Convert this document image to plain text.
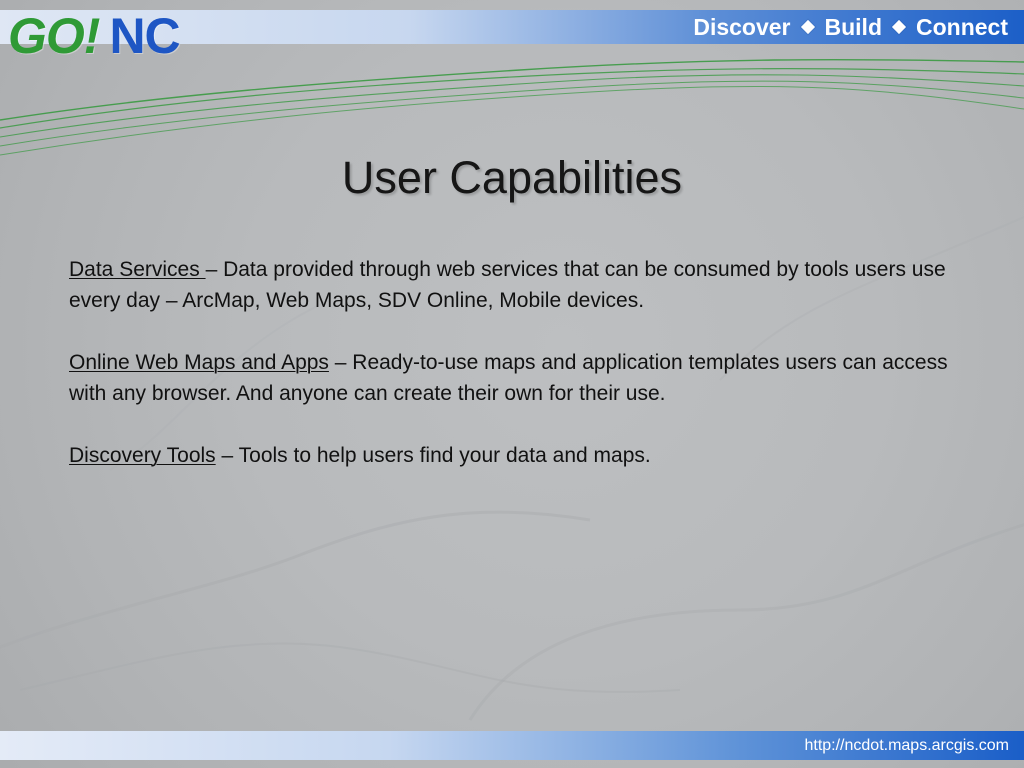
GO! NC	Discover Build Connect
User Capabilities

Data Services – Data provided through web services that can be consumed by tools users use every day – ArcMap, Web Maps, SDV Online, Mobile devices.

Online Web Maps and Apps – Ready-to-use maps and application templates users can access with any browser. And anyone can create their own for their use.

Discovery Tools – Tools to help users find your data and maps.

http://ncdot.maps.arcgis.com
